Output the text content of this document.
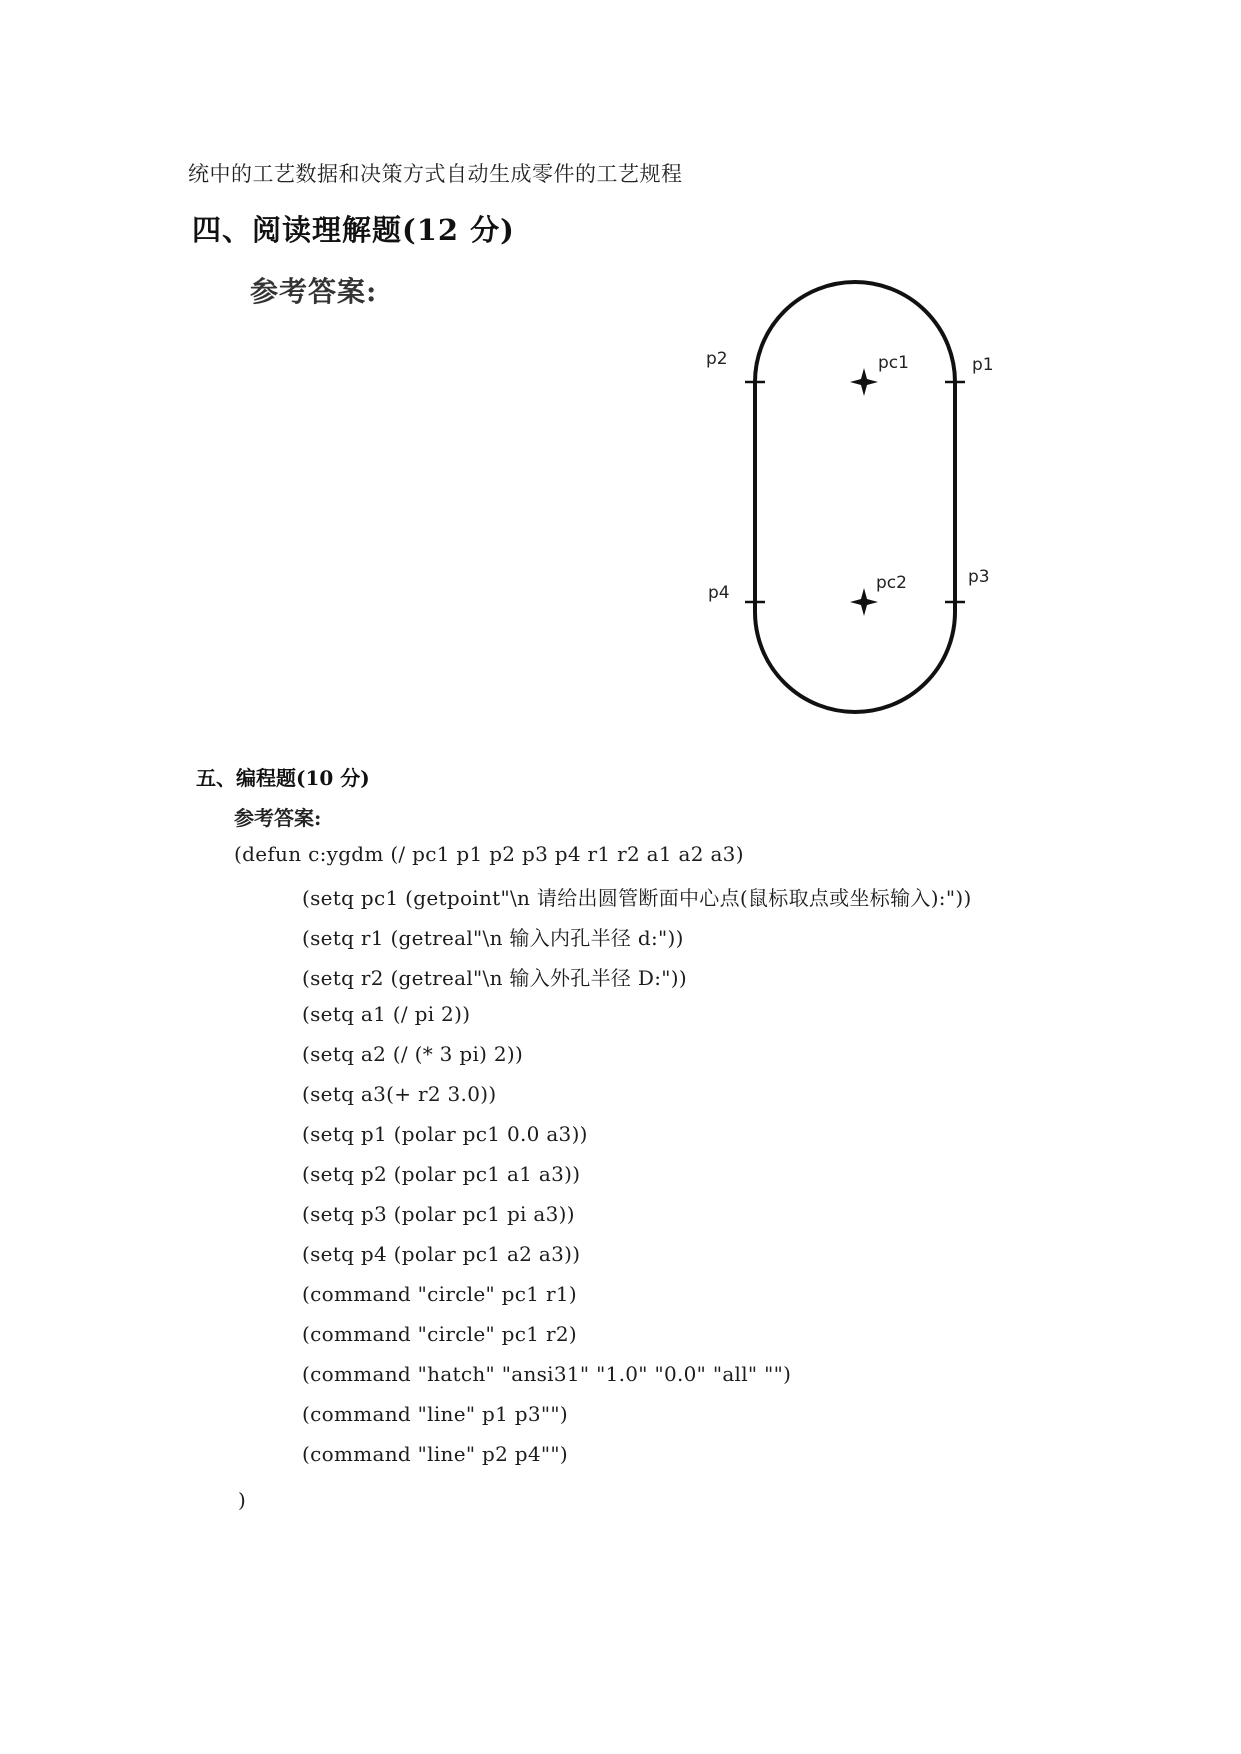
统中的工艺数据和决策方式自动生成零件的工艺规程
四、阅读理解题(12 分)
参考答案:
p2	p1
pc1
p3
p4	pc2
五、编程题(10 分)
参考答案:
(defun c:ygdm (/ pc1 p1 p2 p3 p4 r1 r2 a1 a2 a3)
(setq pc1 (getpoint"\n 请给出圆管断面中心点(鼠标取点或坐标输入):"))
(setq r1 (getreal"\n 输入内孔半径 d:"))
(setq r2 (getreal"\n 输入外孔半径 D:"))
(setq a1 (/ pi 2))
(setq a2 (/ (* 3 pi) 2))
(setq a3(+ r2 3.0))
(setq p1 (polar pc1 0.0 a3))
(setq p2 (polar pc1 a1 a3))
(setq p3 (polar pc1 pi a3))
(setq p4 (polar pc1 a2 a3))
(command "circle" pc1 r1)
(command "circle" pc1 r2)
(command "hatch" "ansi31" "1.0" "0.0" "all" "")
(command "line" p1 p3"")
(command "line" p2 p4"")
)
